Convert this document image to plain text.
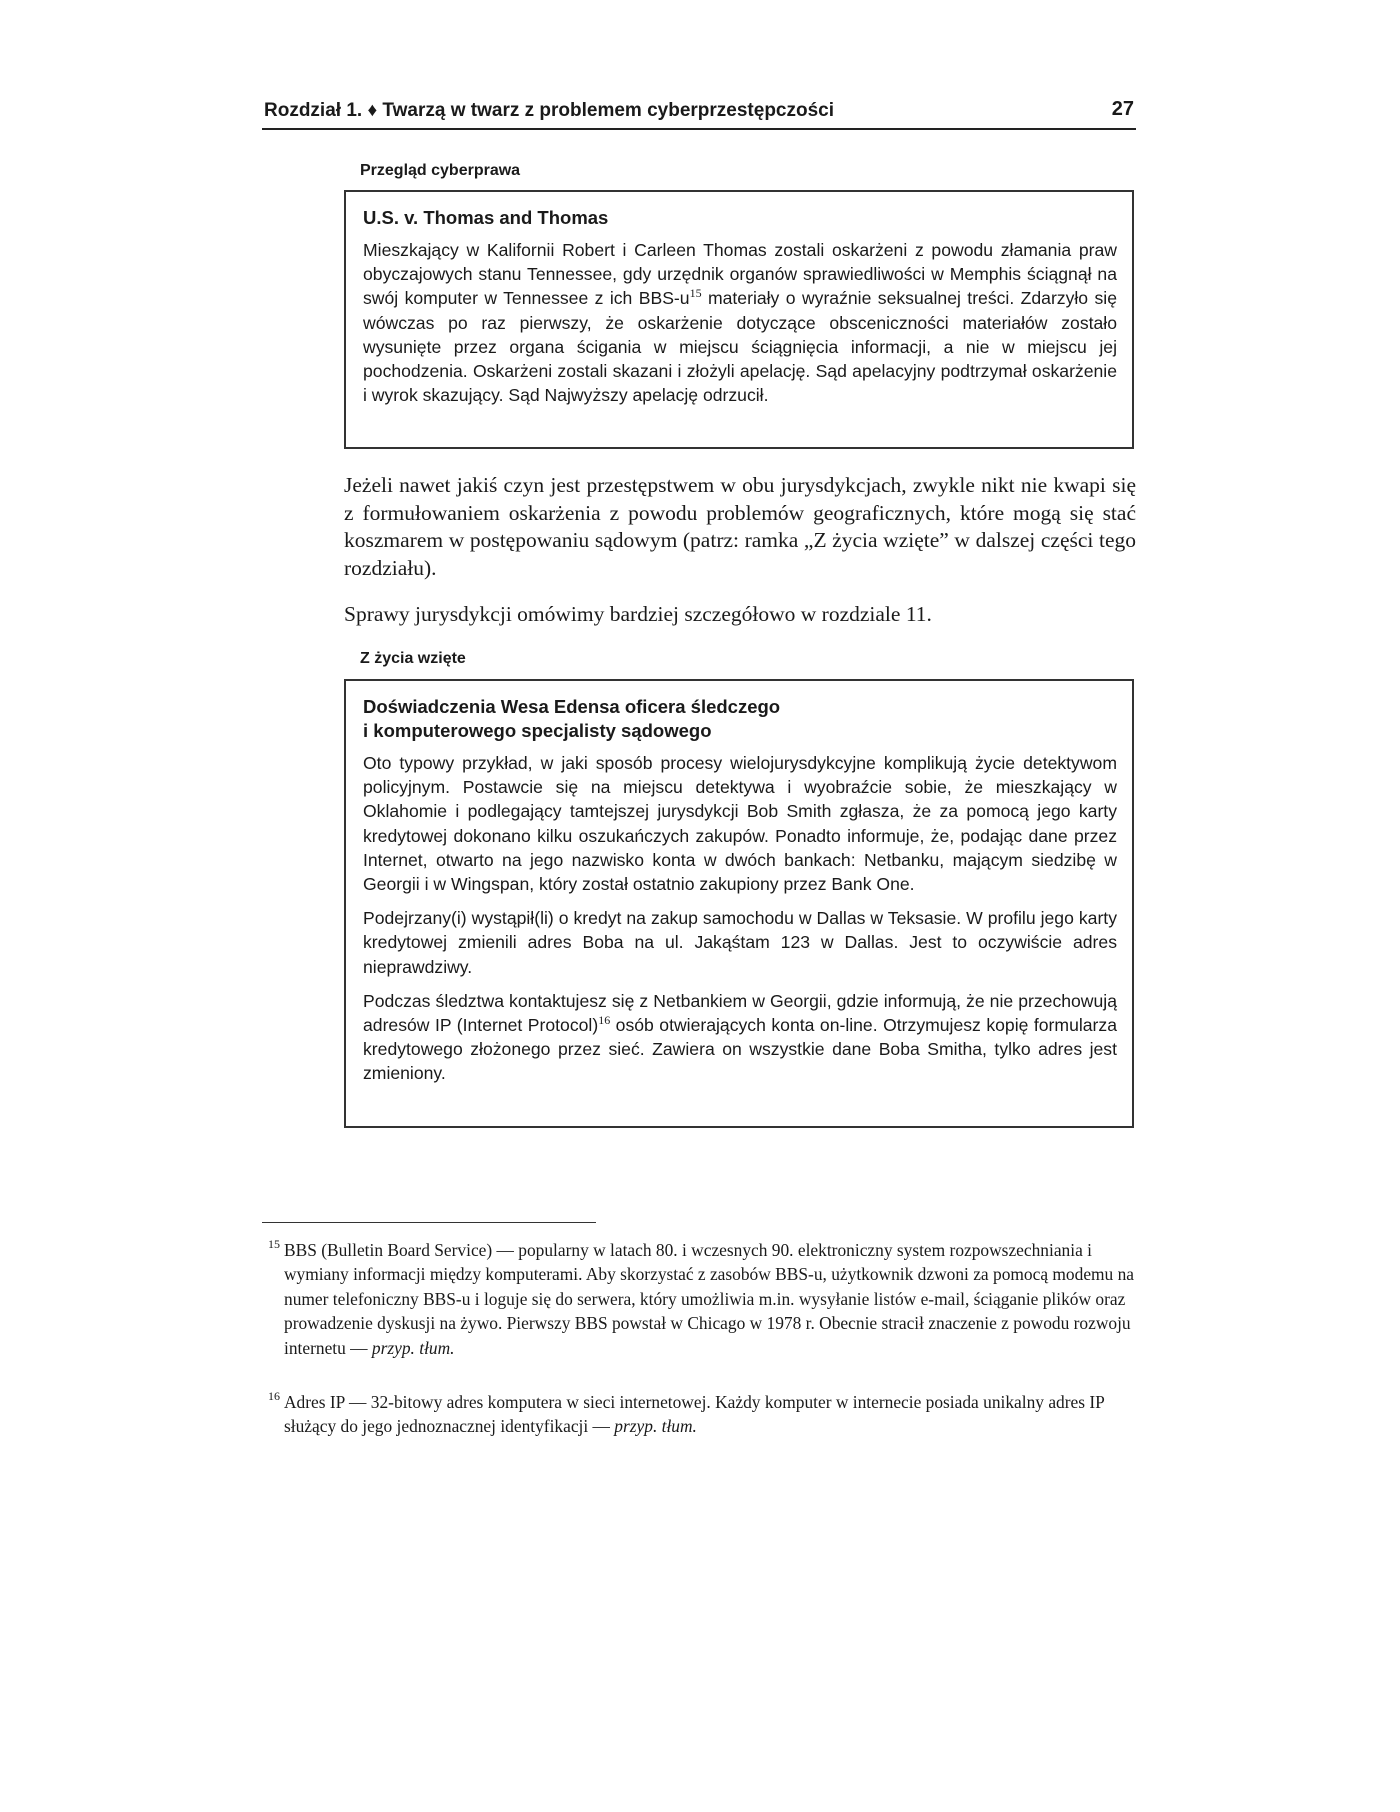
Rozdział 1. ♦ Twarzą w twarz z problemem cyberprzestępczości	27
Przegląd cyberprawa
U.S. v. Thomas and Thomas

Mieszkający w Kalifornii Robert i Carleen Thomas zostali oskarżeni z powodu złamania praw obyczajowych stanu Tennessee, gdy urzędnik organów sprawiedliwości w Memphis ściągnął na swój komputer w Tennessee z ich BBS-$u^{15}$ materiały o wyraźnie seksualnej treści. Zdarzyło się wówczas po raz pierwszy, że oskarżenie dotyczące obsceniczności materiałów zostało wysunięte przez organa ścigania w miejscu ściągnięcia informacji, a nie w miejscu jej pochodzenia. Oskarżeni zostali skazani i złożyli apelację. Sąd apelacyjny podtrzymał oskarżenie i wyrok skazujący. Sąd Najwyższy apelację odrzucił.

Jeżeli nawet jakiś czyn jest przestępstwem w obu jurysdykcjach, zwykle nikt nie kwapi się z formułowaniem oskarżenia z powodu problemów geograficznych, które mogą się stać koszmarem w postępowaniu sądowym (patrz: ramka „Z życia wzięte” w dalszej części tego rozdziału).

Sprawy jurysdykcji omówimy bardziej szczegółowo w rozdziale 11.

Z życia wzięte
Doświadczenia Wesa Edensa oficera śledczego
i komputerowego specjalisty sądowego

Oto typowy przykład, w jaki sposób procesy wielojurysdykcyjne komplikują życie detektywom policyjnym. Postawcie się na miejscu detektywa i wyobraźcie sobie, że mieszkający w Oklahomie i podlegający tamtejszej jurysdykcji Bob Smith zgłasza, że za pomocą jego karty kredytowej dokonano kilku oszukańczych zakupów. Ponadto informuje, że, podając dane przez Internet, otwarto na jego nazwisko konta w dwóch bankach: Netbanku, mającym siedzibę w Georgii i w Wingspan, który został ostatnio zakupiony przez Bank One.

Podejrzany(i) wystąpił(li) o kredyt na zakup samochodu w Dallas w Teksasie. W profilu jego karty kredytowej zmienili adres Boba na ul. Jakąśtam 123 w Dallas. Jest to oczywiście adres nieprawdziwy.

Podczas śledztwa kontaktujesz się z Netbankiem w Georgii, gdzie informują, że nie przechowują adresów IP (Internet Protocol)$^{16}$ osób otwierających konta on-line. Otrzymujesz kopię formularza kredytowego złożonego przez sieć. Zawiera on wszystkie dane Boba Smitha, tylko adres jest zmieniony.

15 BBS (Bulletin Board Service) — popularny w latach 80. i wczesnych 90. elektroniczny system rozpowszechniania i wymiany informacji między komputerami. Aby skorzystać z zasobów BBS-u, użytkownik dzwoni za pomocą modemu na numer telefoniczny BBS-u i loguje się do serwera, który umożliwia m.in. wysyłanie listów e-mail, ściąganie plików oraz prowadzenie dyskusji na żywo. Pierwszy BBS powstał w Chicago w 1978 r. Obecnie stracił znaczenie z powodu rozwoju internetu — przyp. tłum.
16 Adres IP — 32-bitowy adres komputera w sieci internetowej. Każdy komputer w internecie posiada unikalny adres IP służący do jego jednoznacznej identyfikacji — przyp. tłum.
